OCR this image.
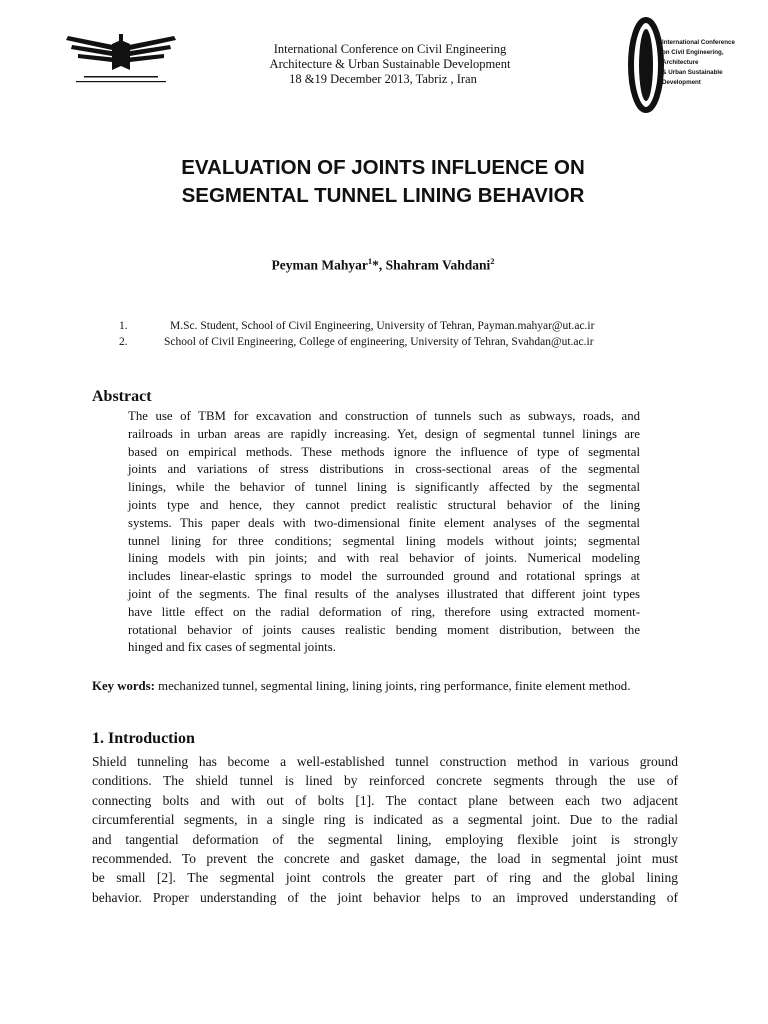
International Conference on Civil Engineering
Architecture & Urban Sustainable Development
18 &19 December 2013, Tabriz , Iran
International Conference
on Civil Engineering,
Architecture
& Urban Sustainable
Development
EVALUATION OF JOINTS INFLUENCE ON
SEGMENTAL TUNNEL LINING BEHAVIOR
Peyman Mahyar$^1$*, Shahram Vahdani$^2$
1.	M.Sc. Student, School of Civil Engineering, University of Tehran, Payman.mahyar@ut.ac.ir
2.	School of Civil Engineering, College of engineering, University of Tehran, Svahdan@ut.ac.ir
Abstract
The use of TBM for excavation and construction of tunnels such as subways, roads, and
railroads in urban areas are rapidly increasing. Yet, design of segmental tunnel linings are
based on empirical methods. These methods ignore the influence of type of segmental
joints and variations of stress distributions in cross-sectional areas of the segmental
linings, while the behavior of tunnel lining is significantly affected by the segmental
joints type and hence, they cannot predict realistic structural behavior of the lining
systems. This paper deals with two-dimensional finite element analyses of the segmental
tunnel lining for three conditions; segmental lining models without joints; segmental
lining models with pin joints; and with real behavior of joints. Numerical modeling
includes linear-elastic springs to model the surrounded ground and rotational springs at
joint of the segments. The final results of the analyses illustrated that different joint types
have little effect on the radial deformation of ring, therefore using extracted moment-
rotational behavior of joints causes realistic bending moment distribution, between the
hinged and fix cases of segmental joints.
Key words: mechanized tunnel, segmental lining, lining joints, ring performance, finite element method.
1. Introduction
Shield tunneling has become a well-established tunnel construction method in various ground
conditions. The shield tunnel is lined by reinforced concrete segments through the use of
connecting bolts and with out of bolts [1]. The contact plane between each two adjacent
circumferential segments, in a single ring is indicated as a segmental joint. Due to the radial
and tangential deformation of the segmental lining, employing flexible joint is strongly
recommended. To prevent the concrete and gasket damage, the load in segmental joint must
be small [2]. The segmental joint controls the greater part of ring and the global lining
behavior. Proper understanding of the joint behavior helps to an improved understanding of
